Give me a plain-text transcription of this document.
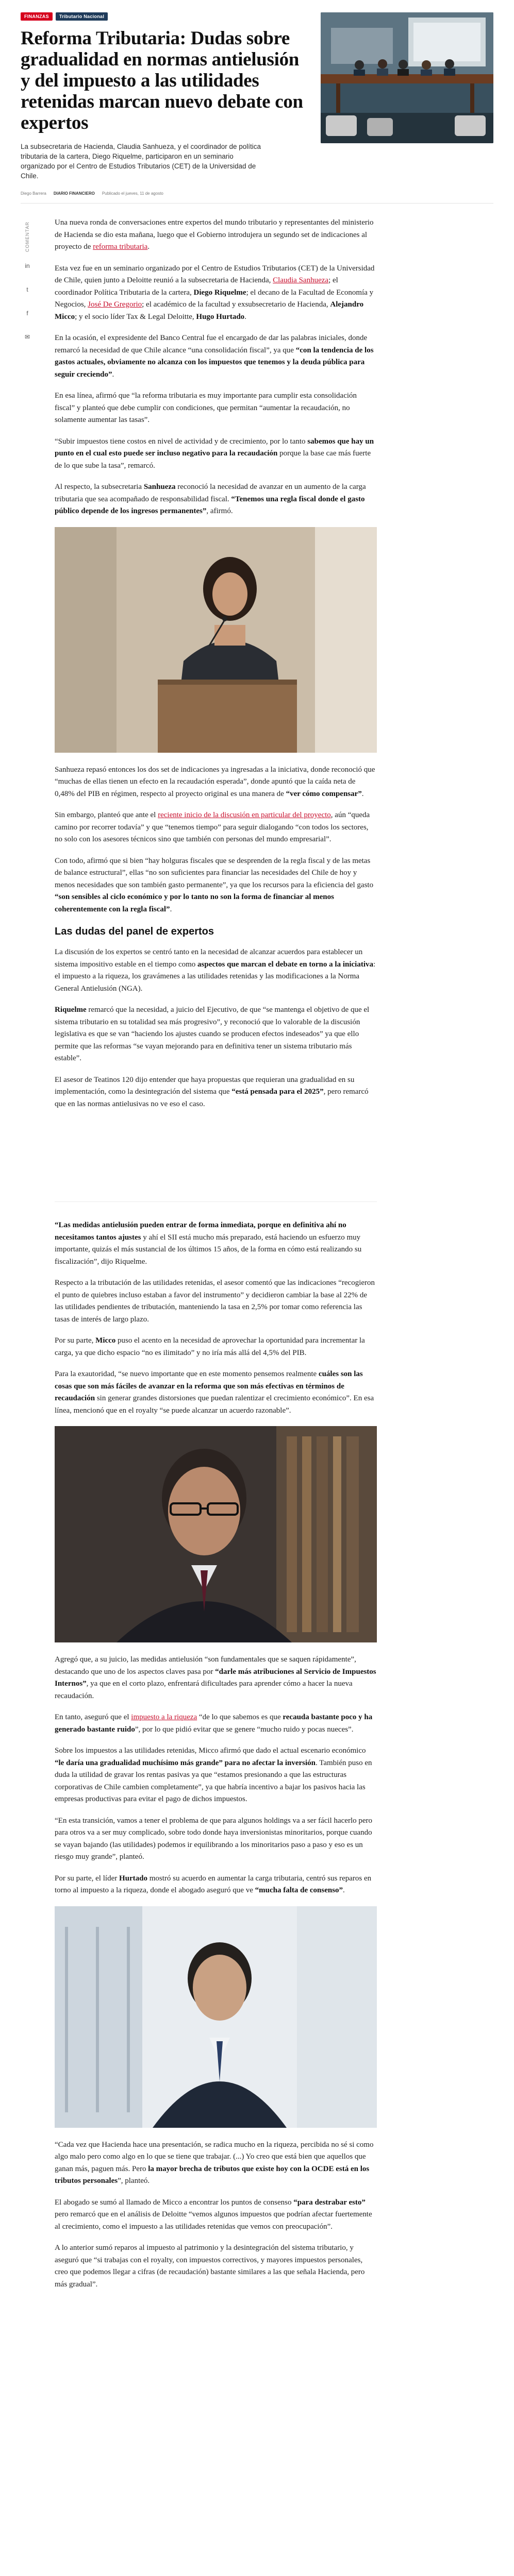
FINANZAS	Tributario Nacional
Reforma Tributaria: Dudas sobre gradualidad en normas antielusión y del impuesto a las utilidades retenidas marcan nuevo debate con expertos

La subsecretaria de Hacienda, Claudia Sanhueza, y el coordinador de política tributaria de la cartera, Diego Riquelme, participaron en un seminario organizado por el Centro de Estudios Tributarios (CET) de la Universidad de Chile.

Diego Barrera DIARIO FINANCIERO Publicado el jueves, 11 de agosto
COMENTAR
in
t
f
✉

Una nueva ronda de conversaciones entre expertos del mundo tributario y representantes del ministerio de Hacienda se dio esta mañana, luego que el Gobierno introdujera un segundo set de indicaciones al proyecto de reforma tributaria.

Esta vez fue en un seminario organizado por el Centro de Estudios Tributarios (CET) de la Universidad de Chile, quien junto a Deloitte reunió a la subsecretaria de Hacienda, Claudia Sanhueza; el coordinador Política Tributaria de la cartera, Diego Riquelme; el decano de la Facultad de Economía y Negocios, José De Gregorio; el académico de la facultad y exsubsecretario de Hacienda, Alejandro Micco; y el socio líder Tax & Legal Deloitte, Hugo Hurtado.

En la ocasión, el expresidente del Banco Central fue el encargado de dar las palabras iniciales, donde remarcó la necesidad de que Chile alcance “una consolidación fiscal”, ya que “con la tendencia de los gastos actuales, obviamente no alcanza con los impuestos que tenemos y la deuda pública para seguir creciendo”.

En esa línea, afirmó que “la reforma tributaria es muy importante para cumplir esta consolidación fiscal” y planteó que debe cumplir con condiciones, que permitan “aumentar la recaudación, no solamente aumentar las tasas”.

“Subir impuestos tiene costos en nivel de actividad y de crecimiento, por lo tanto sabemos que hay un punto en el cual esto puede ser incluso negativo para la recaudación porque la base cae más fuerte de lo que sube la tasa”, remarcó.

Al respecto, la subsecretaria Sanhueza reconoció la necesidad de avanzar en un aumento de la carga tributaria que sea acompañado de responsabilidad fiscal. “Tenemos una regla fiscal donde el gasto público depende de los ingresos permanentes”, afirmó.

Sanhueza repasó entonces los dos set de indicaciones ya ingresadas a la iniciativa, donde reconoció que “muchas de ellas tienen un efecto en la recaudación esperada”, donde apuntó que la caída neta de 0,48% del PIB en régimen, respecto al proyecto original es una manera de “ver cómo compensar”.

Sin embargo, planteó que ante el reciente inicio de la discusión en particular del proyecto, aún “queda camino por recorrer todavía” y que “tenemos tiempo” para seguir dialogando “con todos los sectores, no solo con los asesores técnicos sino que también con personas del mundo empresarial”.

Con todo, afirmó que si bien “hay holguras fiscales que se desprenden de la regla fiscal y de las metas de balance estructural”, ellas “no son suficientes para financiar las necesidades del Chile de hoy y menos necesidades que son también gasto permanente”, ya que los recursos para la eficiencia del gasto “son sensibles al ciclo económico y por lo tanto no son la forma de financiar al menos coherentemente con la regla fiscal”.

Las dudas del panel de expertos

La discusión de los expertos se centró tanto en la necesidad de alcanzar acuerdos para establecer un sistema impositivo estable en el tiempo como aspectos que marcan el debate en torno a la iniciativa: el impuesto a la riqueza, los gravámenes a las utilidades retenidas y las modificaciones a la Norma General Antielusión (NGA).

Riquelme remarcó que la necesidad, a juicio del Ejecutivo, de que “se mantenga el objetivo de que el sistema tributario en su totalidad sea más progresivo”, y reconoció que lo valorable de la discusión legislativa es que se van “haciendo los ajustes cuando se producen efectos indeseados” ya que ello permite que las reformas “se vayan mejorando para en definitiva tener un sistema tributario más estable”.

El asesor de Teatinos 120 dijo entender que haya propuestas que requieran una gradualidad en su implementación, como la desintegración del sistema que “está pensada para el 2025”, pero remarcó que en las normas antielusivas no ve eso el caso.

“Las medidas antielusión pueden entrar de forma inmediata, porque en definitiva ahí no necesitamos tantos ajustes y ahí el SII está mucho más preparado, está haciendo un esfuerzo muy importante, quizás el más sustancial de los últimos 15 años, de la forma en cómo está realizando su fiscalización”, dijo Riquelme.

Respecto a la tributación de las utilidades retenidas, el asesor comentó que las indicaciones “recogieron el punto de quiebres incluso estaban a favor del instrumento” y decidieron cambiar la base al 22% de las utilidades pendientes de tributación, manteniendo la tasa en 2,5% por tomar como referencia las tasas de interés de largo plazo.

Por su parte, Micco puso el acento en la necesidad de aprovechar la oportunidad para incrementar la carga, ya que dicho espacio “no es ilimitado” y no iría más allá del 4,5% del PIB.

Para la exautoridad, “se nuevo importante que en este momento pensemos realmente cuáles son las cosas que son más fáciles de avanzar en la reforma que son más efectivas en términos de recaudación sin generar grandes distorsiones que puedan ralentizar el crecimiento económico”. En esa línea, mencionó que en el royalty “se puede alcanzar un acuerdo razonable”.

Agregó que, a su juicio, las medidas antielusión “son fundamentales que se saquen rápidamente”, destacando que uno de los aspectos claves pasa por “darle más atribuciones al Servicio de Impuestos Internos”, ya que en el corto plazo, enfrentará dificultades para aprender cómo a hacer la nueva recaudación.

En tanto, aseguró que el impuesto a la riqueza “de lo que sabemos es que recauda bastante poco y ha generado bastante ruido”, por lo que pidió evitar que se genere “mucho ruido y pocas nueces”.

Sobre los impuestos a las utilidades retenidas, Micco afirmó que dado el actual escenario económico “le daría una gradualidad muchísimo más grande” para no afectar la inversión. También puso en duda la utilidad de gravar los rentas pasivas ya que “estamos presionando a que las estructuras corporativas de Chile cambien completamente”, ya que habría incentivo a bajar los pasivos hacia las empresas productivas para evitar el pago de dichos impuestos.

“En esta transición, vamos a tener el problema de que para algunos holdings va a ser fácil hacerlo pero para otros va a ser muy complicado, sobre todo donde haya inversionistas minoritarios, porque cuando se vayan bajando (las utilidades) podemos ir equilibrando a los minoritarios paso a paso y eso es un riesgo muy grande”, planteó.

Por su parte, el líder Hurtado mostró su acuerdo en aumentar la carga tributaria, centró sus reparos en torno al impuesto a la riqueza, donde el abogado aseguró que ve “mucha falta de consenso”.

“Cada vez que Hacienda hace una presentación, se radica mucho en la riqueza, percibida no sé si como algo malo pero como algo en lo que se tiene que trabajar. (...) Yo creo que está bien que aquellos que ganan más, paguen más. Pero la mayor brecha de tributos que existe hoy con la OCDE está en los tributos personales”, planteó.

El abogado se sumó al llamado de Micco a encontrar los puntos de consenso “para destrabar esto” pero remarcó que en el análisis de Deloitte “vemos algunos impuestos que podrían afectar fuertemente al crecimiento, como el impuesto a las utilidades retenidas que vemos con preocupación”.

A lo anterior sumó reparos al impuesto al patrimonio y la desintegración del sistema tributario, y aseguró que “si trabajas con el royalty, con impuestos correctivos, y mayores impuestos personales, creo que podemos llegar a cifras (de recaudación) bastante similares a las que señala Hacienda, pero más gradual”.
